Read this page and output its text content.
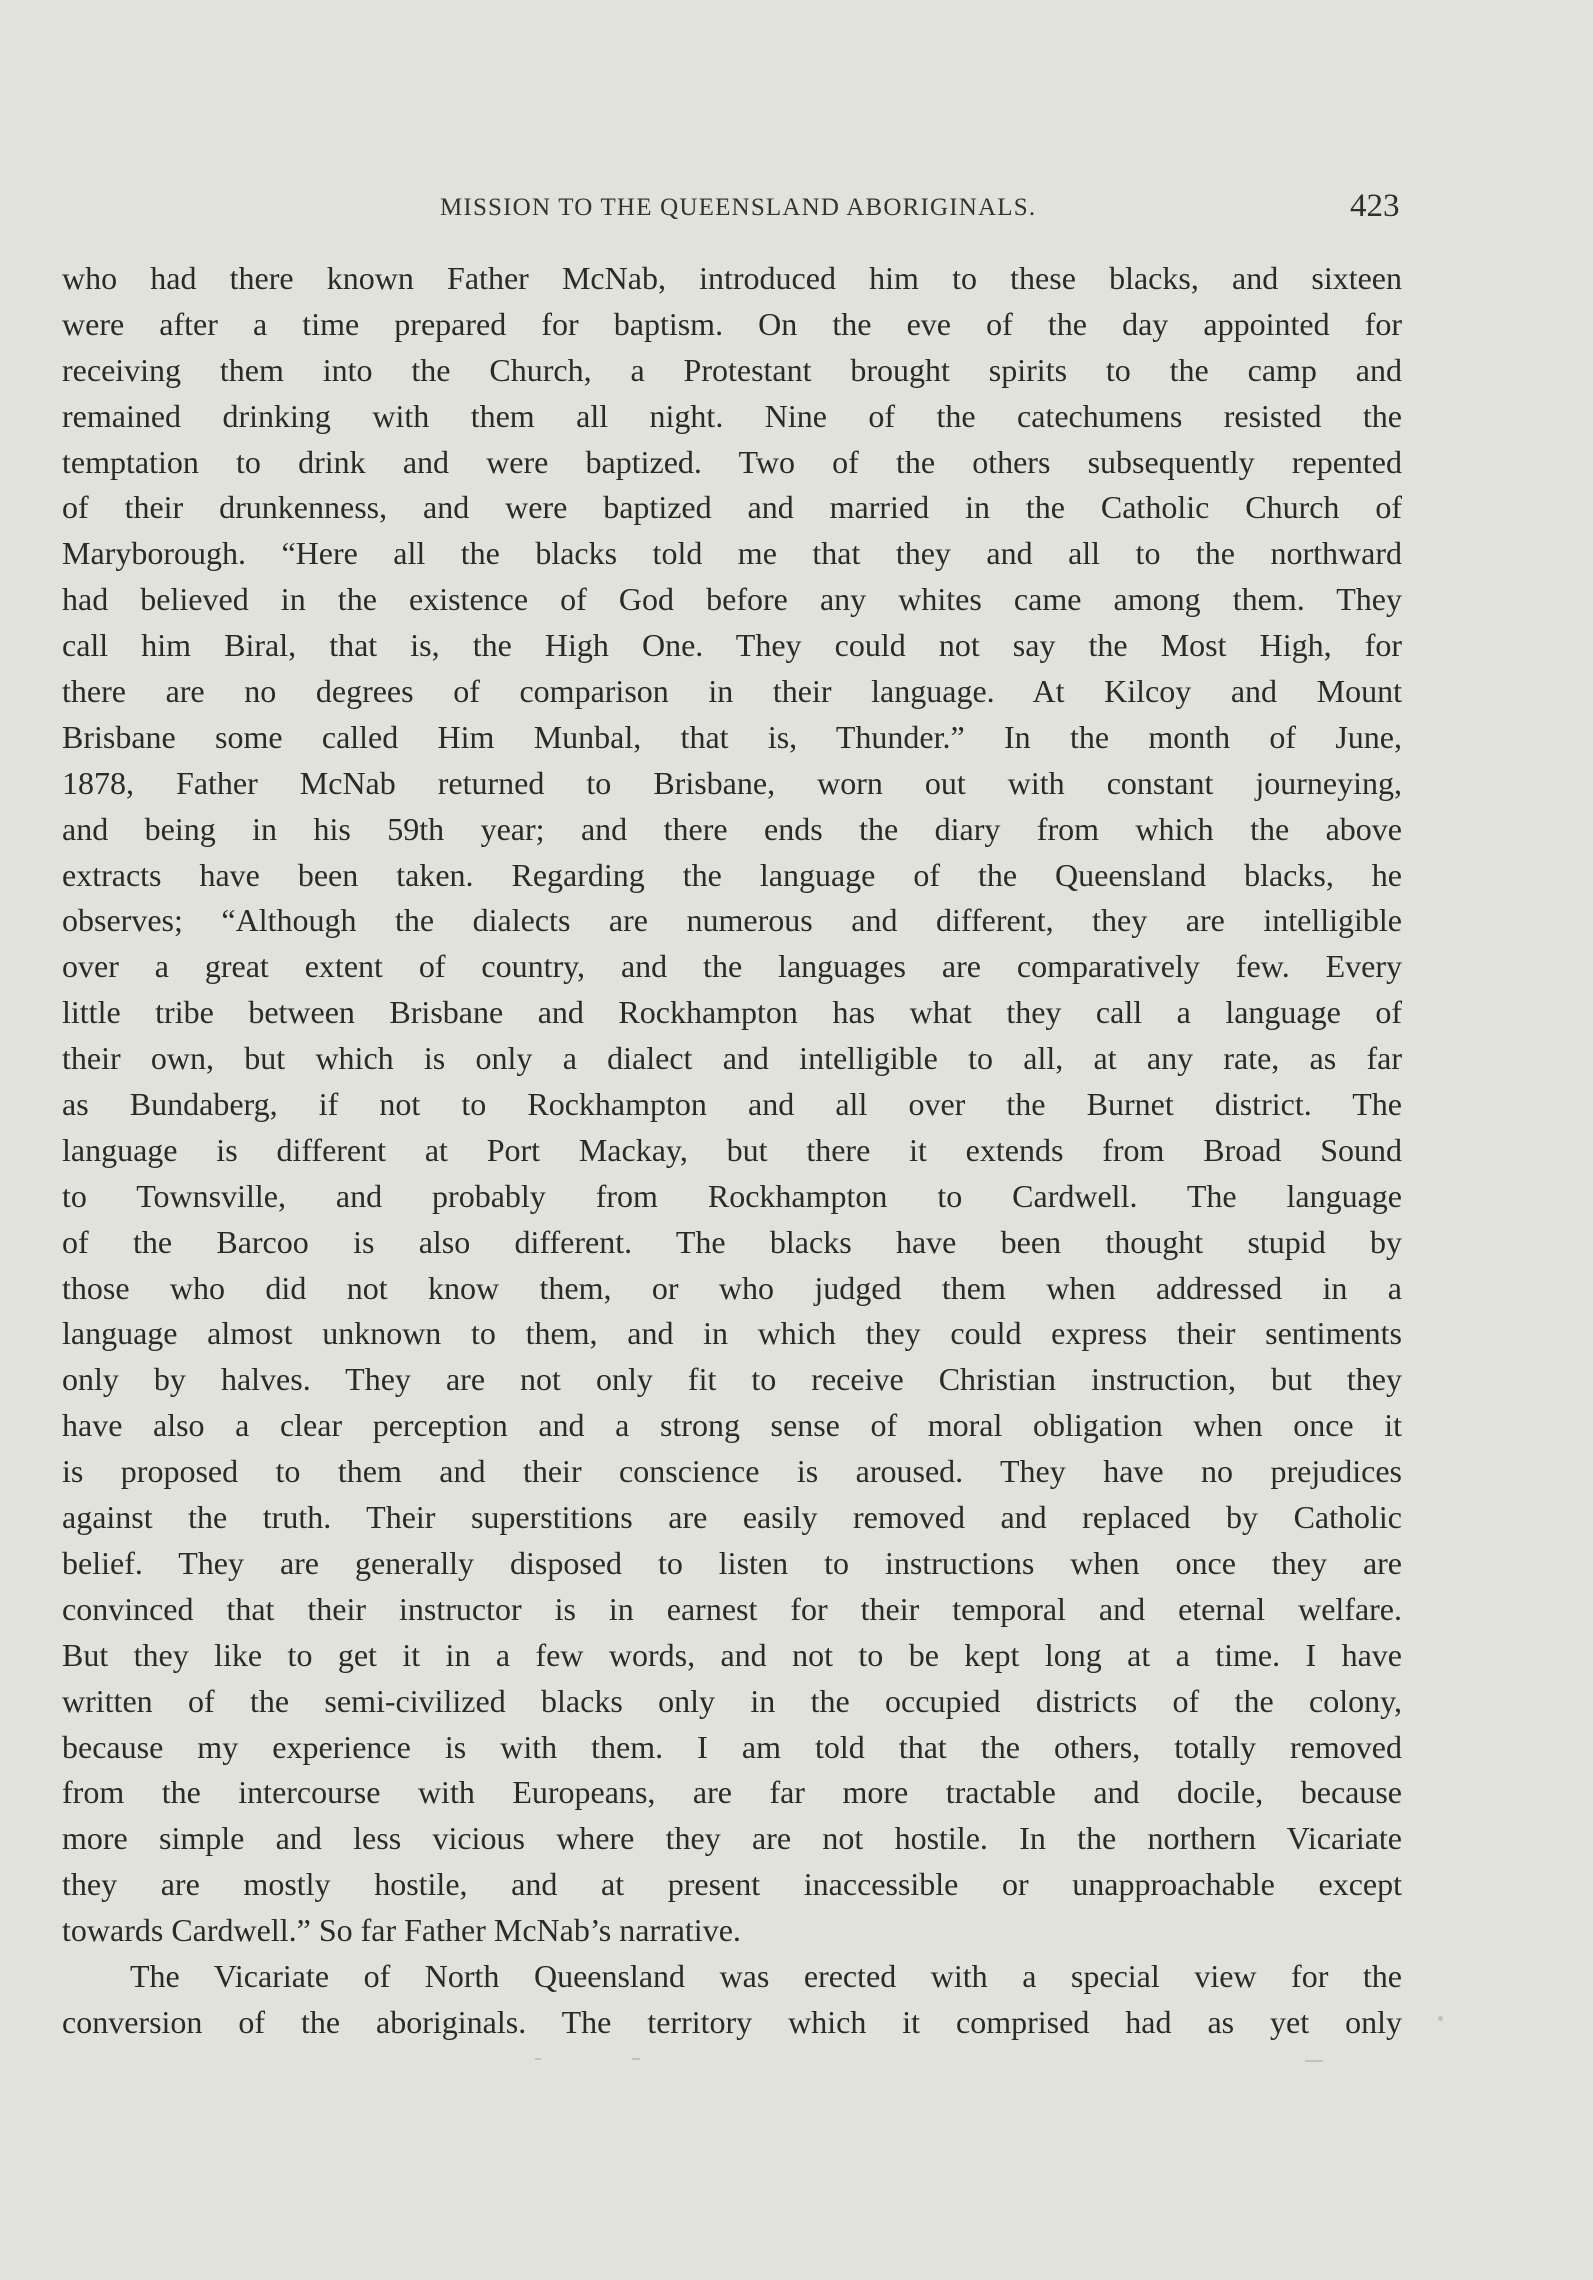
MISSION TO THE QUEENSLAND ABORIGINALS.	423
who had there known Father McNab, introduced him to these blacks, and sixteen
were after a time prepared for baptism. On the eve of the day appointed for
receiving them into the Church, a Protestant brought spirits to the camp and
remained drinking with them all night. Nine of the catechumens resisted the
temptation to drink and were baptized. Two of the others subsequently repented
of their drunkenness, and were baptized and married in the Catholic Church of
Maryborough. “Here all the blacks told me that they and all to the northward
had believed in the existence of God before any whites came among them. They
call him Biral, that is, the High One. They could not say the Most High, for
there are no degrees of comparison in their language. At Kilcoy and Mount
Brisbane some called Him Munbal, that is, Thunder.” In the month of June,
1878, Father McNab returned to Brisbane, worn out with constant journeying,
and being in his 59th year; and there ends the diary from which the above
extracts have been taken. Regarding the language of the Queensland blacks, he
observes; “Although the dialects are numerous and different, they are intelligible
over a great extent of country, and the languages are comparatively few. Every
little tribe between Brisbane and Rockhampton has what they call a language of
their own, but which is only a dialect and intelligible to all, at any rate, as far
as Bundaberg, if not to Rockhampton and all over the Burnet district. The
language is different at Port Mackay, but there it extends from Broad Sound
to Townsville, and probably from Rockhampton to Cardwell. The language
of the Barcoo is also different. The blacks have been thought stupid by
those who did not know them, or who judged them when addressed in a
language almost unknown to them, and in which they could express their sentiments
only by halves. They are not only fit to receive Christian instruction, but they
have also a clear perception and a strong sense of moral obligation when once it
is proposed to them and their conscience is aroused. They have no prejudices
against the truth. Their superstitions are easily removed and replaced by Catholic
belief. They are generally disposed to listen to instructions when once they are
convinced that their instructor is in earnest for their temporal and eternal welfare.
But they like to get it in a few words, and not to be kept long at a time. I have
written of the semi-civilized blacks only in the occupied districts of the colony,
because my experience is with them. I am told that the others, totally removed
from the intercourse with Europeans, are far more tractable and docile, because
more simple and less vicious where they are not hostile. In the northern Vicariate
they are mostly hostile, and at present inaccessible or unapproachable except
towards Cardwell.” So far Father McNab’s narrative.
The Vicariate of North Queensland was erected with a special view for the
conversion of the aboriginals. The territory which it comprised had as yet only
